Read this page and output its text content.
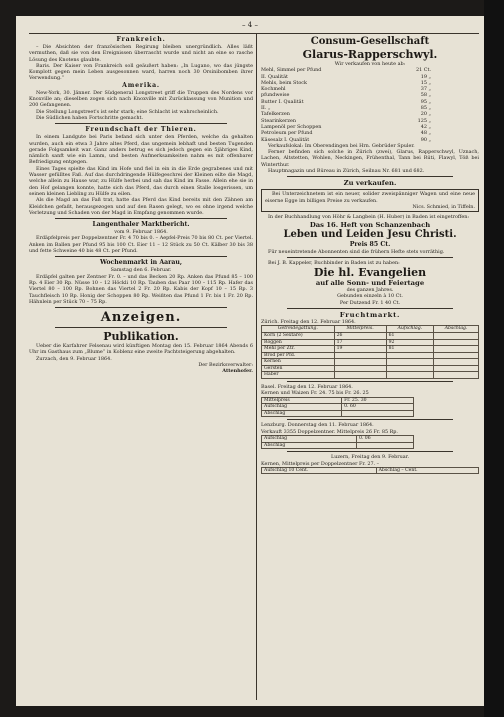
– 4 –
Frankreich.
– Die Absichten der französischen Regirung bleiben unergründlich. Alles läßt vermuthen, daß sie von den Ereignissen überrascht wurde und nicht an eine so rasche Lösung des Knotens glaubte.
Baris. Der Kaiser von Frankreich soll geäußert haben: „In Lugano, wo das jüngste Komplott gegen mein Leben ausgesonnen ward, harren noch 30 Orsinibomben ihrer Verwendung.“
Amerika.
New-York, 30. Jänner. Der Südgeneral Longstreet griff die Truppen des Nordens vor Knoxville an; dieselben zogen sich nach Knoxville mit Zurücklassung von Munition und 200 Gefangenen.
Die Stellung Longstreet's ist sehr stark; eine Schlacht ist wahrscheinlich.
Die Südlichen haben Fortschritte gemacht.
Freundschaft der Thieren.
In einem Landgute bei Paris befand sich unter den Pferden, welche da gehalten wurden, auch ein etwa 3 Jahre altes Pferd, das ungemein lebhaft und besten Tugenden gerade Folgsamkeit war. Ganz anders betrug es sich jedoch gegen ein 5jähriges Kind, nämlich sanft wie ein Lamm, und besten Aufmerksamkeiten nahm es mit offenbarer Befriedigung entgegen.
Eines Tages spielte das Kind im Hofe und fiel in ein in die Erde gegrabenes und mit Wasser gefülltes Faß. Auf das durchdringende Hülfegeschrei der Kleinen eilte die Magd, welche allein zu Hause war, zu Hülfe herbei und sah das Kind im Fasse. Allein ehe sie in den Hof gelangen konnte, hatte sich das Pferd, das durch einen Stalle losgerissen, um seinen kleinen Liebling zu Hülfe zu eilen.
Als die Magd an das Faß trat, hatte das Pferd das Kind bereits mit den Zähnen am Kleidchen gefaßt, herausgezogen und auf den Rasen gelegt, wo es ohne irgend welche Verletzung und Schaden von der Magd in Empfang genommen wurde.
Langenthaler Marktbericht.
vom 9. Februar 1864.
Erdäpfelpreis per Doppelzentner Fr. 4 70 bis 0. – Aepfel-Preis 70 bis 80 Ct. per Viertel. Anken im Ballen per Pfund 95 bis 100 Ct. Eier 11 – 12 Stück zu 50 Ct. Kälber 30 bis 38 und fette Schweine 40 bis 48 Ct. per Pfund.
Wochenmarkt in Aarau,
Samstag den 6. Februar.
Erdäpfel galten per Zentner Fr. 0. – und das Becken 20 Rp. Anken das Pfund 85 – 100 Rp. 4 Eier 30 Rp. Nüsse 10 – 12 Höckli 10 Rp. Tauben das Paar 100 – 115 Rp. Hafer das Viertel 80 – 100 Rp. Bohnen das Viertel 2 Fr. 20 Rp. Kabis der Kopf 10 – 15 Rp. 3 Tauchfleisch 10 Rp. Honig der Schoppen 80 Rp. Weißten das Pfund 1 Fr. bis 1 Fr. 20 Rp. Hähnlein per Stück 70 – 75 Rp.
Anzeigen.
Publikation.
Ueber die Karfahrer Felsenau wird künftigen Montag den 15. Februar 1864 Abends 6 Uhr im Gasthaus zum „Blume“ in Koblenz eine zweite Pachtsteigerung abgehalten.
Zurzach, den 9. Februar 1864.
Der Bezirksverwalter:
Attenhofer.
Consum-Gesellschaft
Glarus-Rapperschwyl.
Wir verkaufen von heute ab:
Mehl, Simmel per Pfund	21 Ct.
II. Qualität	19 „
Mehls, beim Stock	15 „
Kochmehl	37 „
pfundweise	58 „
Butter I. Qualität	95 „
II. „	85 „
Tafelkerzen	20 „
Stearinkerzen	125 „
Lampenöl per Schoppen	42 „
Petroleum per Pfund	48 „
Käsesalz I. Qualität	90 „
Verkaufslokal: Im Oberendingen bei Hrn. Gebrüder Spuler.
Ferner befinden sich solche in Zürich (zwei), Glarus, Rapperschwyl, Uznach, Lachen, Altstetten, Wohlen, Neckingen, Frühenthal, Tann bei Rüti, Flawyl, Töß bei Winterthur.
Hauptmagazin und Büreau in Zürich, Seilnau Nr. 681 und 682.
Zu verkaufen.
Bei Unterzeichnetem ist ein neuer, solider zweispänniger Wagen und eine neue eiserne Egge im billigen Preise zu verkaufen.
Nics. Schmied, in Tiffeln.
In der Buchhandlung von Höhr & Langbein (H. Huber) in Baden ist eingetroffen:
Das 16. Heft von Schanzenbach
Leben und Leiden Jesu Christi.
Preis 85 Ct.
Für neueintretende Abonnenten sind die frühern Hefte stets vorräthig.
Bei J. B. Kappeler, Buchbinder in Baden ist zu haben:
Die hl. Evangelien
auf alle Sonn- und Feiertage
des ganzen Jahres.
Gebunden einzeln à 10 Ct.
Per Dutzend Fr. 1 40 Ct.
Fruchtmarkt.
Zürich. Freitag den 12. Februar 1864.
Getreidegattung.	Mittelpreis.	Aufschlag.	Abschlag.
Korn (2 Sextare)	26	61	
Roggen	17	92	
Mehl per Ztr.	19	81	
Brod per Pfd.			
Kernen			
Gersten			
Haber			
Basel. Freitag den 12. Februar 1864.
Kernen und Waizen Fr. 24. 75 bis Fr. 26. 25
Mittelpreis	Fr. 25. 30
Aufschlag	0. 60
Abschlag	
Lenzburg. Donnerstag den 11. Februar 1864.
Verkauft 3355 Doppelzentner. Mittelpreis 26 Fr. 85 Rp.
Aufschlag	0. 06
Abschlag	
Luzern, Freitag den 9. Februar.
Kernen, Mittelpreis per Doppelzentner Fr. 27. –
Aufschlag 10 Cent.	Abschlag – Cent.
